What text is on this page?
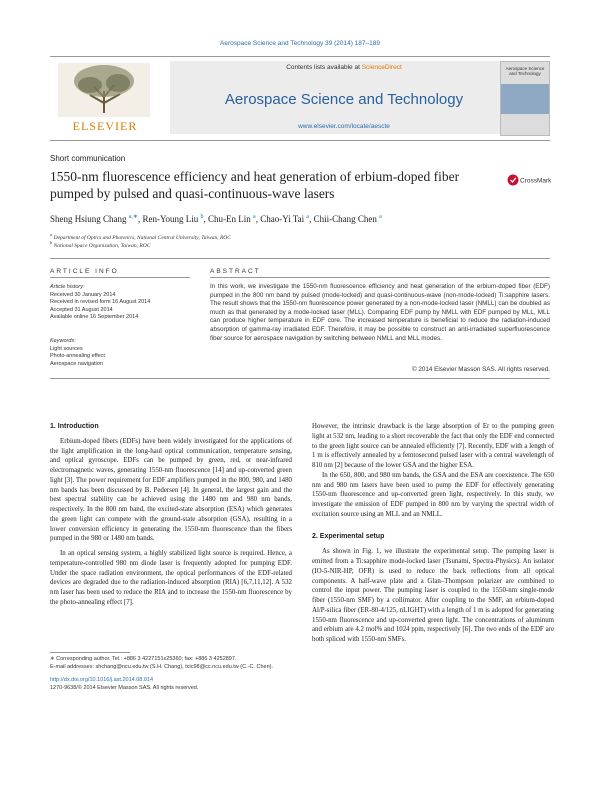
Aerospace Science and Technology 39 (2014) 187–189
ELSEVIER
Contents lists available at ScienceDirect
Aerospace Science and Technology
www.elsevier.com/locate/aescte
Aerospace Science and Technology
Short communication
1550-nm fluorescence efficiency and heat generation of erbium-doped fiber pumped by pulsed and quasi-continuous-wave lasers
CrossMark
Sheng Hsiung Chang $^{a,∗}$, Ren-Young Liu $^b$, Chu-En Lin $^a$, Chao-Yi Tai $^a$, Chii-Chang Chen $^a$
$^a$ Department of Optics and Photonics, National Central University, Taiwan, ROC
$^b$ National Space Organization, Taiwan, ROC
ARTICLE INFO	ABSTRACT
Article history:
Received 30 January 2014
Received in revised form 16 August 2014
Accepted 31 August 2014
Available online 16 September 2014
Keywords:
Light sources
Photo-annealing effect
Aerospace navigation
In this work, we investigate the 1550-nm fluorescence efficiency and heat generation of the erbium-doped fiber (EDF) pumped in the 800 nm band by pulsed (mode-locked) and quasi-continuous-wave (non-mode-locked) Ti:sapphire lasers. The result shows that the 1550-nm fluorescence power generated by a non-mode-locked laser (NMLL) can be doubled as much as that generated by a mode-locked laser (MLL). Comparing EDF pump by NMLL with EDF pumped by MLL, MLL can produce higher temperature in EDF core. The increased temperature is beneficial to reduce the radiation-induced absorption of gamma-ray irradiated EDF. Therefore, it may be possible to construct an anti-irradiated superfluorescence fiber source for aerospace navigation by switching between NMLL and MLL modes.
© 2014 Elsevier Masson SAS. All rights reserved.
1. Introduction

Erbium-doped fibers (EDFs) have been widely investigated for the applications of the light amplification in the long-haul optical communication, temperature sensing, and optical gyroscope. EDFs can be pumped by green, red, or near-infrared electromagnetic waves, generating 1550-nm fluorescence [14] and up-converted green light [3]. The power requirement for EDF amplifiers pumped in the 800, 980, and 1480 nm bands has been discussed by B. Pedersen [4]. In general, the largest gain and the best spectral stability can be achieved using the 1480 nm and 980 nm bands, respectively. In the 800 nm band, the excited-state absorption (ESA) which generates the green light can compete with the ground-state absorption (GSA), resulting in a lower conversion efficiency in generating the 1550-nm fluorescence than the fibers pumped in the 980 or 1480 nm bands.

In an optical sensing system, a highly stabilized light source is required. Hence, a temperature-controlled 980 nm diode laser is frequently adopted for pumping EDF. Under the space radiation environment, the optical performances of the EDF-related devices are degraded due to the radiation-induced absorption (RIA) [6,7,11,12]. A 532 nm laser has been used to reduce the RIA and to increase the 1550-nm fluorescence by the photo-annealing effect [7].

However, the intrinsic drawback is the large absorption of Er to the pumping green light at 532 nm, leading to a short recoverable the fact that only the EDF end connected to the green light source can be annealed efficiently [7]. Recently, EDF with a length of 1 m is effectively annealed by a femtosecond pulsed laser with a central wavelength of 810 nm [2] because of the lower GSA and the higher ESA.

In the 650, 800, and 980 nm bands, the GSA and the ESA are coexistence. The 650 nm and 980 nm lasers have been used to pump the EDF for effectively generating 1550-nm fluorescence and up-converted green light, respectively. In this study, we investigate the emission of EDF pumped in 800 nm by varying the spectral width of excitation source using an MLL and an NMLL.

2. Experimental setup

As shown in Fig. 1, we illustrate the experimental setup. The pumping laser is emitted from a Ti:sapphire mode-locked laser (Tsunami, Spectra-Physics). An isolator (IO-5-NIR-HP, OFR) is used to reduce the back reflections from all optical components. A half-wave plate and a Glan–Thompson polarizer are combined to control the input power. The pumping laser is coupled to the 1550-nm single-mode fiber (1550-nm SMF) by a collimator. After coupling to the SMF, an erbium-doped Al/P-silica fiber (ER-80-4/125, nLIGHT) with a length of 1 m is adopted for generating 1550-nm fluorescence and up-converted green light. The concentrations of aluminum and erbium are 4.2 mol% and 1024 ppm, respectively [6]. The two ends of the EDF are both spliced with 1550-nm SMFs.

∗ Corresponding author. Tel.: +886 3 4227151x25360; fax: +886 3 4252897.
E-mail addresses: shchang@ncu.edu.tw (S.H. Chang), tcic98@cc.ncu.edu.tw (C.-C. Chen).
http://dx.doi.org/10.1016/j.ast.2014.08.014
1270-9638/© 2014 Elsevier Masson SAS. All rights reserved.
